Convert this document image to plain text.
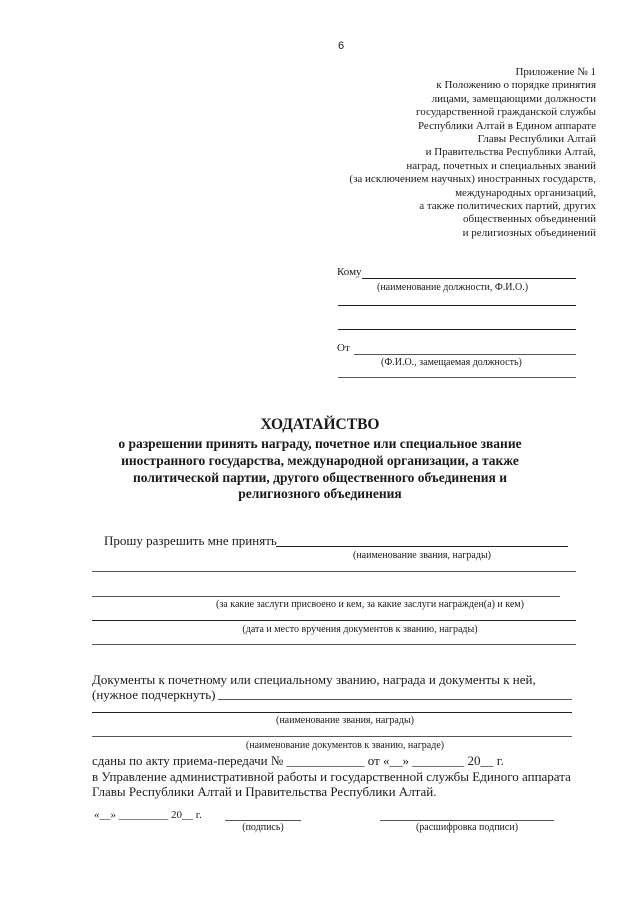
6
Приложение № 1
к Положению о порядке принятия
лицами, замещающими должности
государственной гражданской службы
Республики Алтай в Едином аппарате
Главы Республики Алтай
и Правительства Республики Алтай,
наград, почетных и специальных званий
(за исключением научных) иностранных государств,
международных организаций,
а также политических партий, других
общественных объединений
и религиозных объединений
Кому
(наименование должности, Ф.И.О.)
От
(Ф.И.О., замещаемая должность)
ХОДАТАЙСТВО
о разрешении принять награду, почетное или специальное звание
иностранного государства, международной организации, а также
политической партии, другого общественного объединения и
религиозного объединения
Прошу разрешить мне принять
(наименование звания, награды)
(за какие заслуги присвоено и кем, за какие заслуги награжден(а) и кем)
(дата и место вручения документов к званию, награды)
Документы к почетному или специальному званию, награда и документы к ней,
(нужное подчеркнуть)
(наименование звания, награды)
(наименование документов к званию, награде)
сданы по акту приема-передачи № ____________ от «__» ________ 20__ г.
в Управление административной работы и государственной службы Единого аппарата
Главы Республики Алтай и Правительства Республики Алтай.
«__» _________ 20__ г.
(подпись)	(расшифровка подписи)
